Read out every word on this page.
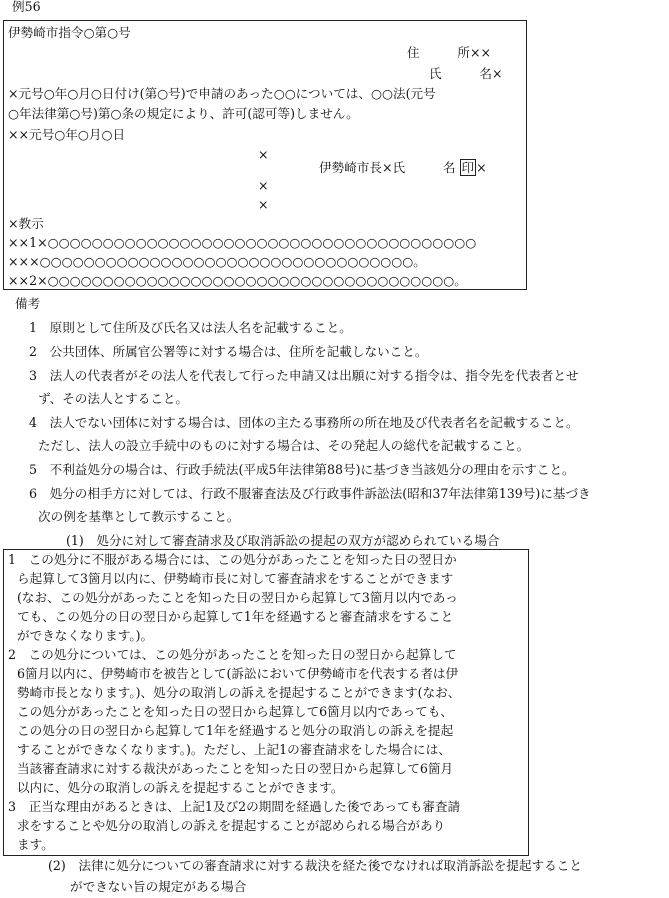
例56
伊勢崎市指令○第○号
住　　　所××
氏　　　名×
×元号○年○月○日付け(第○号)で申請のあった○○については、○○法(元号
○年法律第○号)第○条の規定により、許可(認可等)しません。
××元号○年○月○日
×
伊勢崎市長×氏　　　名 印 ×
×
×
×教示
××1×○○○○○○○○○○○○○○○○○○○○○○○○○○○○○○○○○○○○○○○
×××○○○○○○○○○○○○○○○○○○○○○○○○○○○○○○○○○○。
××2×○○○○○○○○○○○○○○○○○○○○○○○○○○○○○○○○○○○○○。
備考
1　原則として住所及び氏名又は法人名を記載すること。
2　公共団体、所属官公署等に対する場合は、住所を記載しないこと。
3　法人の代表者がその法人を代表して行った申請又は出願に対する指令は、指令先を代表者とせ
ず、その法人とすること。
4　法人でない団体に対する場合は、団体の主たる事務所の所在地及び代表者名を記載すること。
ただし、法人の設立手続中のものに対する場合は、その発起人の総代を記載すること。
5　不利益処分の場合は、行政手続法(平成5年法律第88号)に基づき当該処分の理由を示すこと。
6　処分の相手方に対しては、行政不服審査法及び行政事件訴訟法(昭和37年法律第139号)に基づき
次の例を基準として教示すること。
(1)　処分に対して審査請求及び取消訴訟の提起の双方が認められている場合
1　この処分に不服がある場合には、この処分があったことを知った日の翌日か
ら起算して3箇月以内に、伊勢崎市長に対して審査請求をすることができます
(なお、この処分があったことを知った日の翌日から起算して3箇月以内であっ
ても、この処分の日の翌日から起算して1年を経過すると審査請求をすること
ができなくなります。)。
2　この処分については、この処分があったことを知った日の翌日から起算して
6箇月以内に、伊勢崎市を被告として(訴訟において伊勢崎市を代表する者は伊
勢崎市長となります。)、処分の取消しの訴えを提起することができます(なお、
この処分があったことを知った日の翌日から起算して6箇月以内であっても、
この処分の日の翌日から起算して1年を経過すると処分の取消しの訴えを提起
することができなくなります。)。ただし、上記1の審査請求をした場合には、
当該審査請求に対する裁決があったことを知った日の翌日から起算して6箇月
以内に、処分の取消しの訴えを提起することができます。
3　正当な理由があるときは、上記1及び2の期間を経過した後であっても審査請
求をすることや処分の取消しの訴えを提起することが認められる場合があり
ます。
(2)　法律に処分についての審査請求に対する裁決を経た後でなければ取消訴訟を提起すること
ができない旨の規定がある場合
